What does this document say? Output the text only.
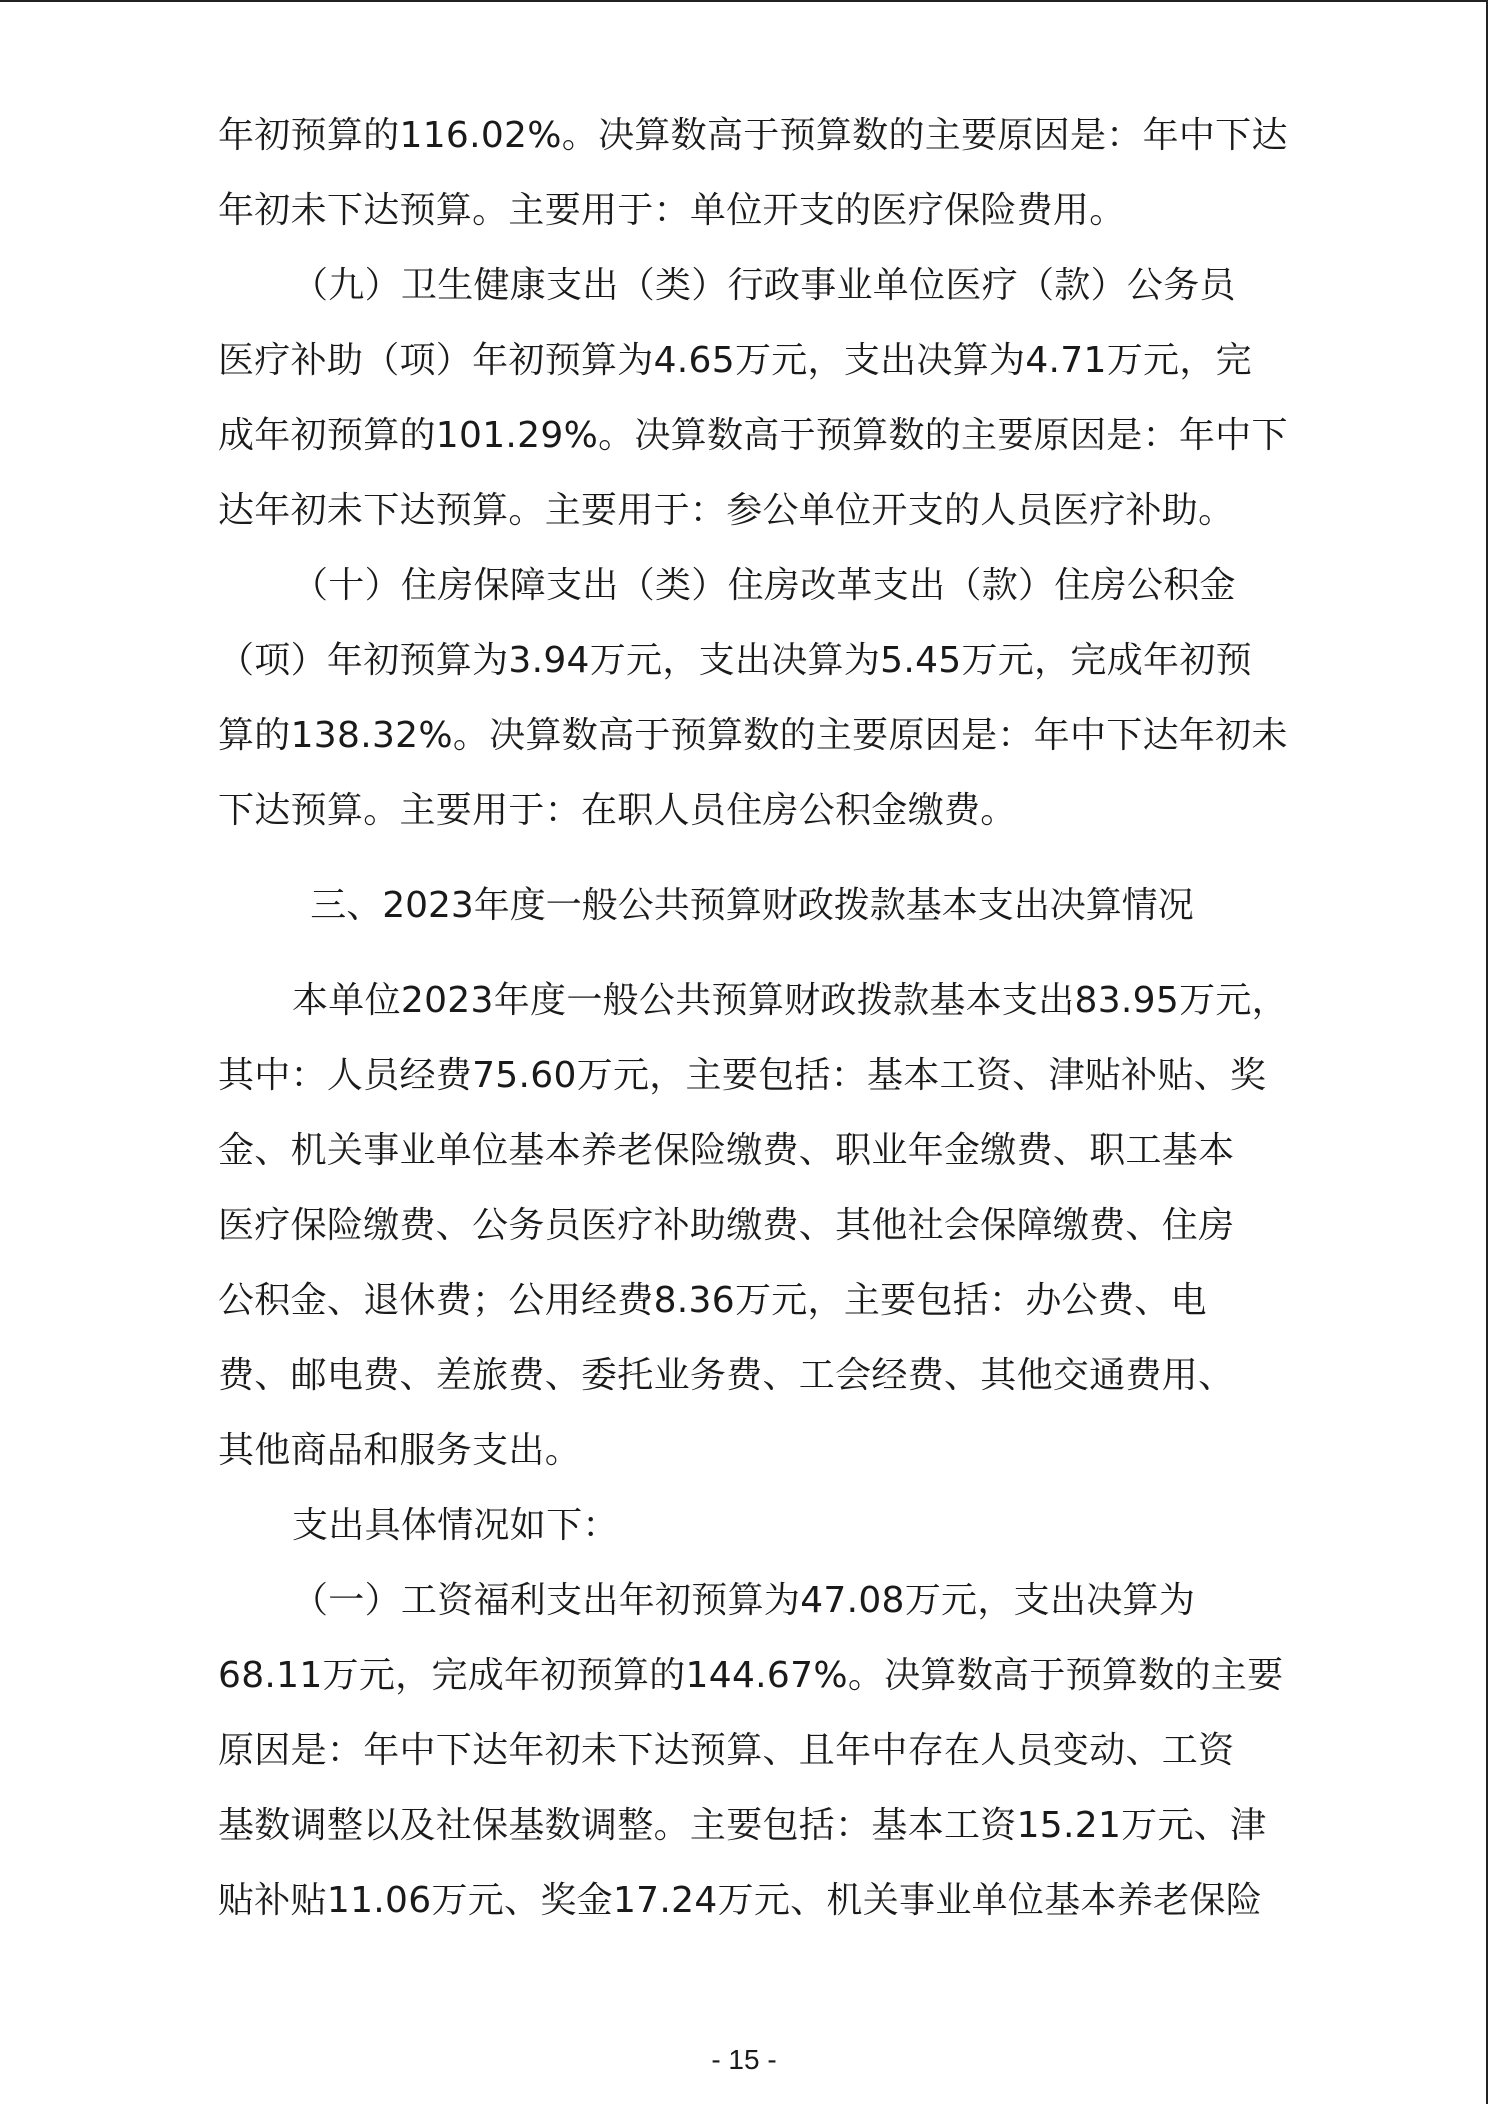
年初预算的116.02%。决算数高于预算数的主要原因是：年中下达
年初未下达预算。主要用于：单位开支的医疗保险费用。
（九）卫生健康支出（类）行政事业单位医疗（款）公务员
医疗补助（项）年初预算为4.65万元，支出决算为4.71万元，完
成年初预算的101.29%。决算数高于预算数的主要原因是：年中下
达年初未下达预算。主要用于：参公单位开支的人员医疗补助。
（十）住房保障支出（类）住房改革支出（款）住房公积金
（项）年初预算为3.94万元，支出决算为5.45万元，完成年初预
算的138.32%。决算数高于预算数的主要原因是：年中下达年初未
下达预算。主要用于：在职人员住房公积金缴费。
三、2023年度一般公共预算财政拨款基本支出决算情况
本单位2023年度一般公共预算财政拨款基本支出83.95万元，
其中：人员经费75.60万元，主要包括：基本工资、津贴补贴、奖
金、机关事业单位基本养老保险缴费、职业年金缴费、职工基本
医疗保险缴费、公务员医疗补助缴费、其他社会保障缴费、住房
公积金、退休费；公用经费8.36万元，主要包括：办公费、电
费、邮电费、差旅费、委托业务费、工会经费、其他交通费用、
其他商品和服务支出。
支出具体情况如下：
（一）工资福利支出年初预算为47.08万元，支出决算为
68.11万元，完成年初预算的144.67%。决算数高于预算数的主要
原因是：年中下达年初未下达预算、且年中存在人员变动、工资
基数调整以及社保基数调整。主要包括：基本工资15.21万元、津
贴补贴11.06万元、奖金17.24万元、机关事业单位基本养老保险
- 15 -
